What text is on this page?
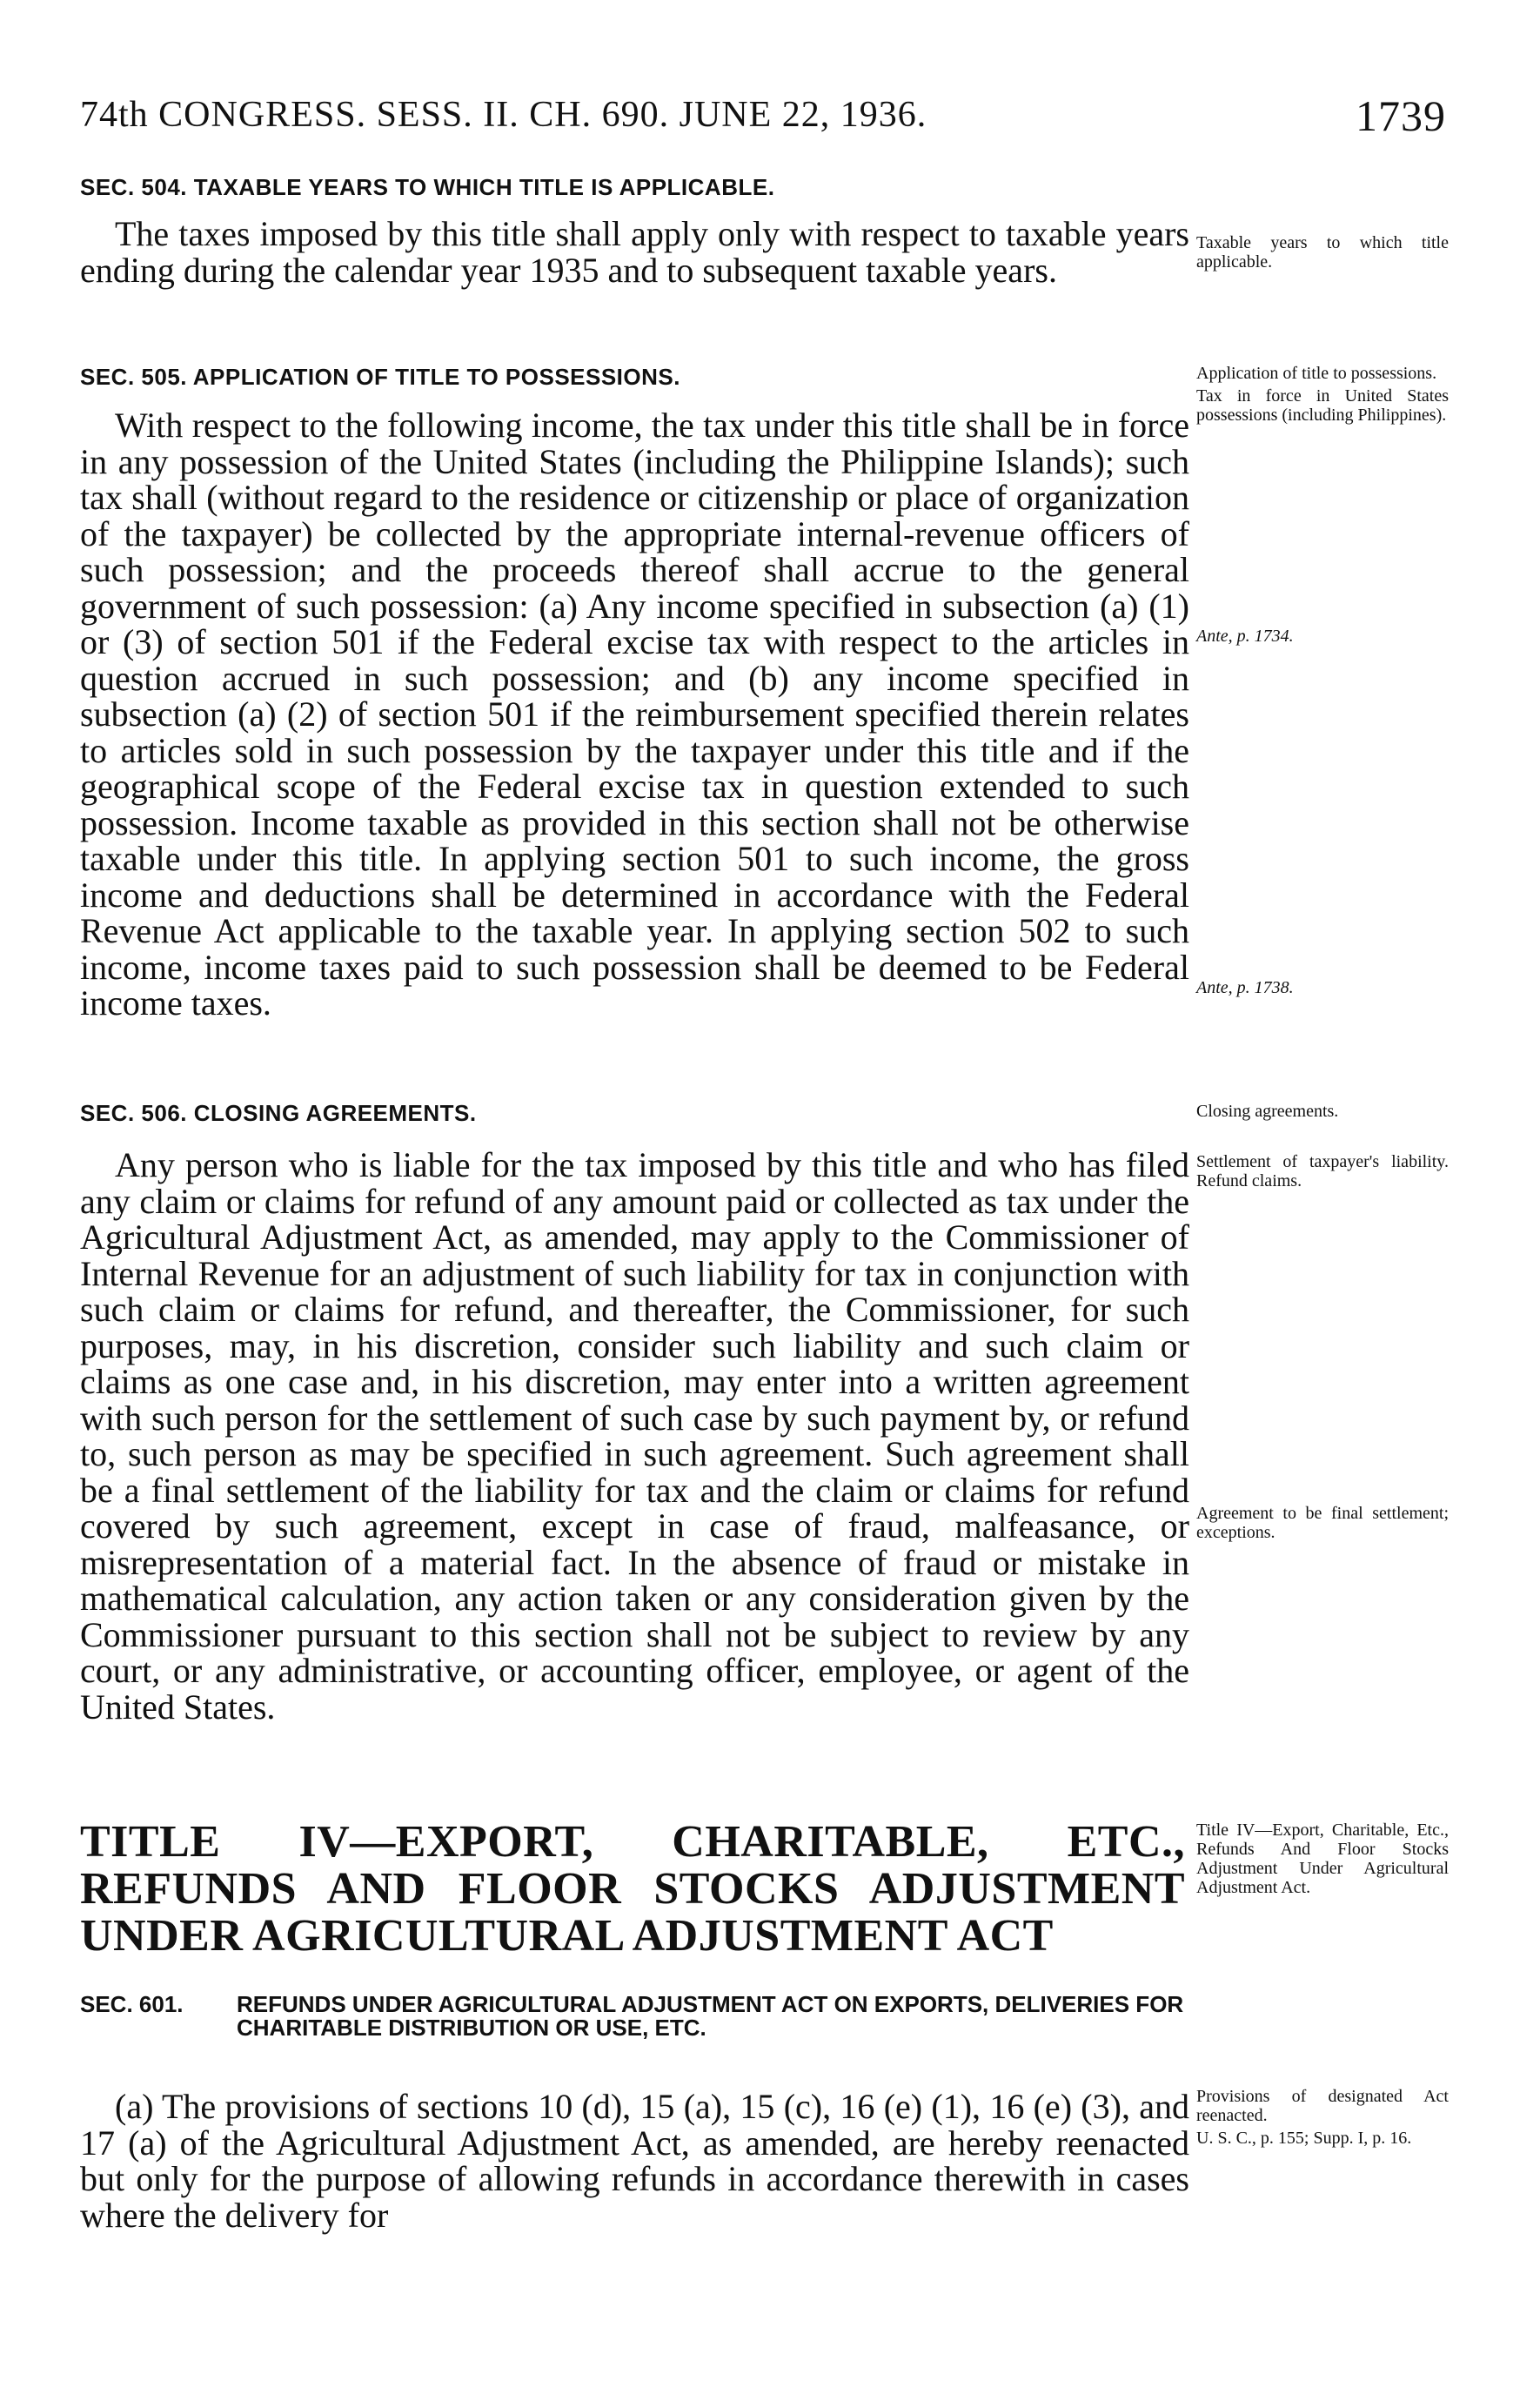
74th CONGRESS. SESS. II. CH. 690. JUNE 22, 1936.	1739
SEC. 504. TAXABLE YEARS TO WHICH TITLE IS APPLICABLE.

The taxes imposed by this title shall apply only with respect to taxable years ending during the calendar year 1935 and to subsequent taxable years.

Taxable years to which title applicable.
SEC. 505. APPLICATION OF TITLE TO POSSESSIONS.

With respect to the following income, the tax under this title shall be in force in any possession of the United States (including the Philippine Islands); such tax shall (without regard to the residence or citizenship or place of organization of the taxpayer) be collected by the appropriate internal-revenue officers of such possession; and the proceeds thereof shall accrue to the general government of such possession: (a) Any income specified in subsection (a) (1) or (3) of section 501 if the Federal excise tax with respect to the articles in question accrued in such possession; and (b) any income specified in subsection (a) (2) of section 501 if the reimbursement specified therein relates to articles sold in such possession by the taxpayer under this title and if the geographical scope of the Federal excise tax in question extended to such possession. Income taxable as provided in this section shall not be otherwise taxable under this title. In applying section 501 to such income, the gross income and deductions shall be determined in accordance with the Federal Revenue Act applicable to the taxable year. In applying section 502 to such income, income taxes paid to such possession shall be deemed to be Federal income taxes.

Application of title to possessions.
Tax in force in United States possessions (including Philippines).
Ante, p. 1734.
Ante, p. 1738.
SEC. 506. CLOSING AGREEMENTS.

Any person who is liable for the tax imposed by this title and who has filed any claim or claims for refund of any amount paid or collected as tax under the Agricultural Adjustment Act, as amended, may apply to the Commissioner of Internal Revenue for an adjustment of such liability for tax in conjunction with such claim or claims for refund, and thereafter, the Commissioner, for such purposes, may, in his discretion, consider such liability and such claim or claims as one case and, in his discretion, may enter into a written agreement with such person for the settlement of such case by such payment by, or refund to, such person as may be specified in such agreement. Such agreement shall be a final settlement of the liability for tax and the claim or claims for refund covered by such agreement, except in case of fraud, malfeasance, or misrepresentation of a material fact. In the absence of fraud or mistake in mathematical calculation, any action taken or any consideration given by the Commissioner pursuant to this section shall not be subject to review by any court, or any administrative, or accounting officer, employee, or agent of the United States.

Closing agreements.
Settlement of taxpayer's liability. Refund claims.
Agreement to be final settlement; exceptions.

TITLE IV—EXPORT, CHARITABLE, ETC., REFUNDS AND FLOOR STOCKS ADJUSTMENT UNDER AGRICULTURAL ADJUSTMENT ACT

Title IV—Export, Charitable, Etc., Refunds And Floor Stocks Adjustment Under Agricultural Adjustment Act.
SEC. 601. REFUNDS UNDER AGRICULTURAL ADJUSTMENT ACT ON EXPORTS, DELIVERIES FOR CHARITABLE DISTRIBUTION OR USE, ETC.

(a) The provisions of sections 10 (d), 15 (a), 15 (c), 16 (e) (1), 16 (e) (3), and 17 (a) of the Agricultural Adjustment Act, as amended, are hereby reenacted but only for the purpose of allowing refunds in accordance therewith in cases where the delivery for

Provisions of designated Act reenacted.
U. S. C., p. 155; Supp. I, p. 16.
